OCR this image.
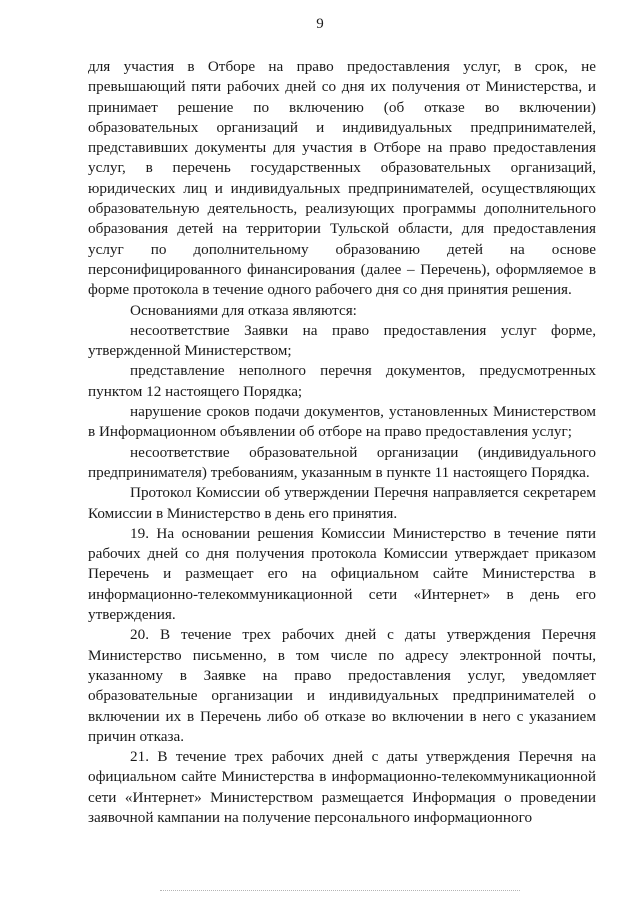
9

для участия в Отборе на право предоставления услуг, в срок, не превышающий пяти рабочих дней со дня их получения от Министерства, и принимает решение по включению (об отказе во включении) образовательных организаций и индивидуальных предпринимателей, представивших документы для участия в Отборе на право предоставления услуг, в перечень государственных образовательных организаций, юридических лиц и индивидуальных предпринимателей, осуществляющих образовательную деятельность, реализующих программы дополнительного образования детей на территории Тульской области, для предоставления услуг по дополнительному образованию детей на основе персонифицированного финансирования (далее – Перечень), оформляемое в форме протокола в течение одного рабочего дня со дня принятия решения.

Основаниями для отказа являются:

несоответствие Заявки на право предоставления услуг форме, утвержденной Министерством;

представление неполного перечня документов, предусмотренных пунктом 12 настоящего Порядка;

нарушение сроков подачи документов, установленных Министерством в Информационном объявлении об отборе на право предоставления услуг;

несоответствие образовательной организации (индивидуального предпринимателя) требованиям, указанным в пункте 11 настоящего Порядка.

Протокол Комиссии об утверждении Перечня направляется секретарем Комиссии в Министерство в день его принятия.

19. На основании решения Комиссии Министерство в течение пяти рабочих дней со дня получения протокола Комиссии утверждает приказом Перечень и размещает его на официальном сайте Министерства в информационно-телекоммуникационной сети «Интернет» в день его утверждения.

20. В течение трех рабочих дней с даты утверждения Перечня Министерство письменно, в том числе по адресу электронной почты, указанному в Заявке на право предоставления услуг, уведомляет образовательные организации и индивидуальных предпринимателей о включении их в Перечень либо об отказе во включении в него с указанием причин отказа.

21. В течение трех рабочих дней с даты утверждения Перечня на официальном сайте Министерства в информационно-телекоммуникационной сети «Интернет» Министерством размещается Информация о проведении заявочной кампании на получение персонального информационного
